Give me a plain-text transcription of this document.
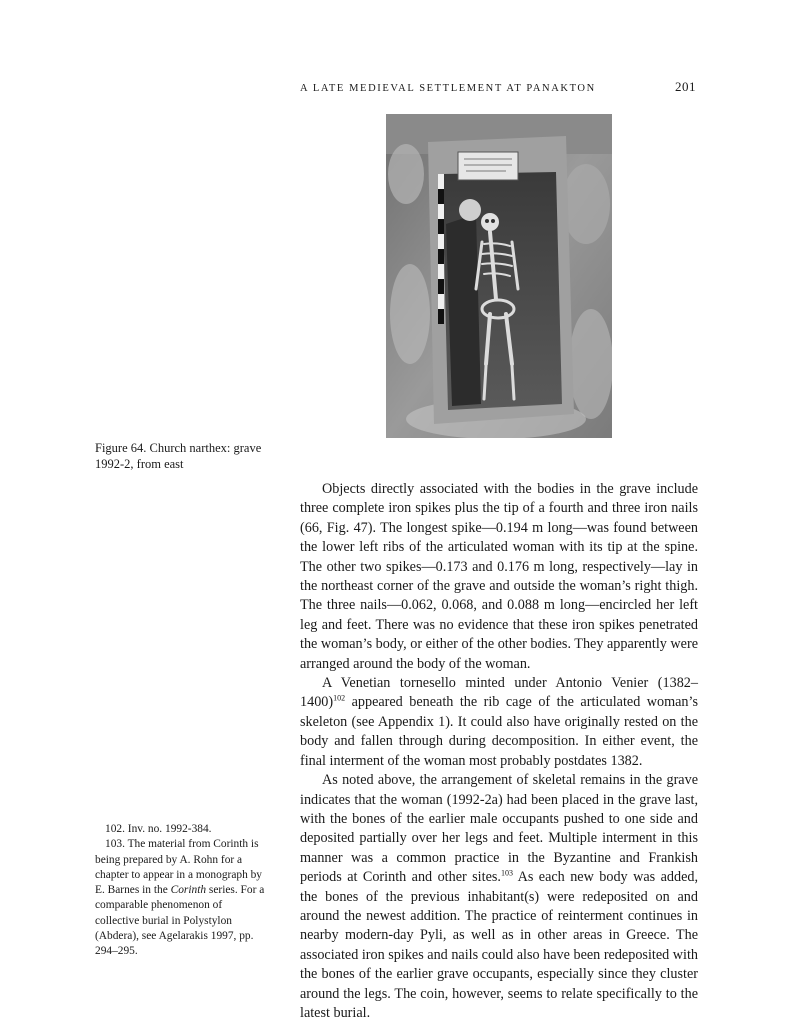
A LATE MEDIEVAL SETTLEMENT AT PANAKTON	201
Figure 64. Church narthex: grave 1992-2, from east

Objects directly associated with the bodies in the grave include three complete iron spikes plus the tip of a fourth and three iron nails (66, Fig. 47). The longest spike—0.194 m long—was found between the lower left ribs of the articulated woman with its tip at the spine. The other two spikes—0.173 and 0.176 m long, respectively—lay in the northeast corner of the grave and outside the woman’s right thigh. The three nails—0.062, 0.068, and 0.088 m long—encircled her left leg and feet. There was no evidence that these iron spikes penetrated the woman’s body, or either of the other bodies. They apparently were arranged around the body of the woman.

A Venetian tornesello minted under Antonio Venier (1382–1400)$^{102}$ appeared beneath the rib cage of the articulated woman’s skeleton (see Appendix 1). It could also have originally rested on the body and fallen through during decomposition. In either event, the final interment of the woman most probably postdates 1382.

As noted above, the arrangement of skeletal remains in the grave indicates that the woman (1992-2a) had been placed in the grave last, with the bones of the earlier male occupants pushed to one side and deposited partially over her legs and feet. Multiple interment in this manner was a common practice in the Byzantine and Frankish periods at Corinth and other sites.$^{103}$ As each new body was added, the bones of the previous inhabitant(s) were redeposited on and around the newest addition. The practice of reinterment continues in nearby modern-day Pyli, as well as in other areas in Greece. The associated iron spikes and nails could also have been redeposited with the bones of the earlier grave occupants, especially since they cluster around the legs. The coin, however, seems to relate specifically to the latest burial.

102. Inv. no. 1992-384.

103. The material from Corinth is being prepared by A. Rohn for a chapter to appear in a monograph by E. Barnes in the Corinth series. For a comparable phenomenon of collective burial in Polystylon (Abdera), see Agelarakis 1997, pp. 294–295.
